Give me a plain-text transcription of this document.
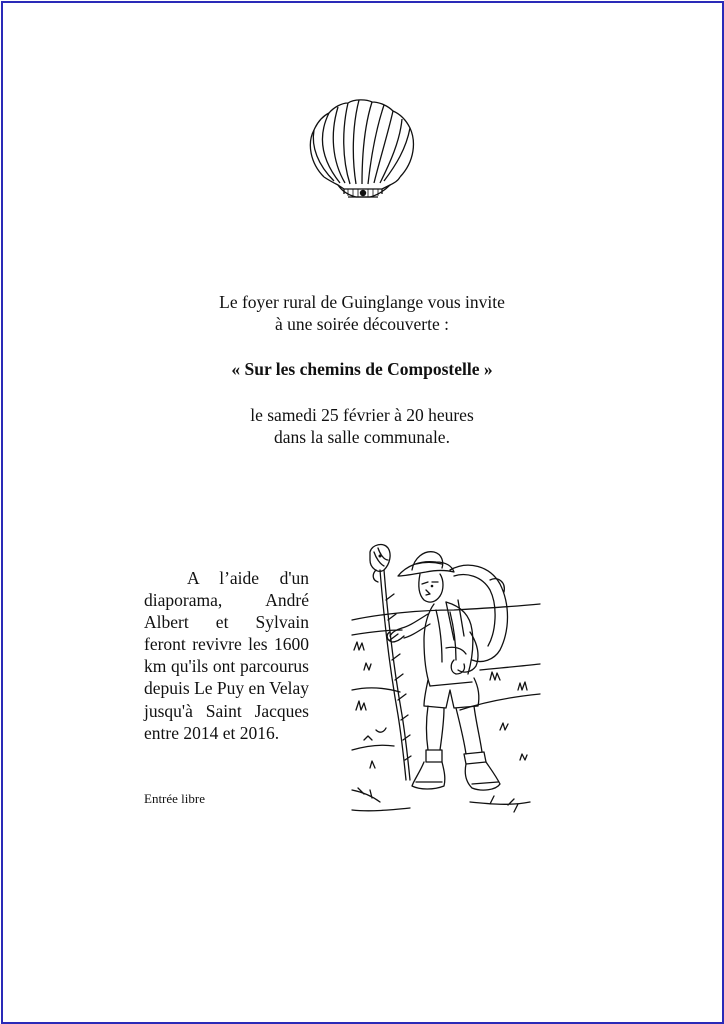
Le foyer rural de Guinglange vous invite
à une soirée découverte :
« Sur les chemins de Compostelle »
le samedi 25 février à 20 heures
dans la salle communale.
A l’aide d'un diaporama, André Albert et Sylvain feront revivre les 1600 km qu'ils ont parcourus depuis Le Puy en Velay jusqu'à Saint Jacques entre 2014 et 2016.
Entrée libre
